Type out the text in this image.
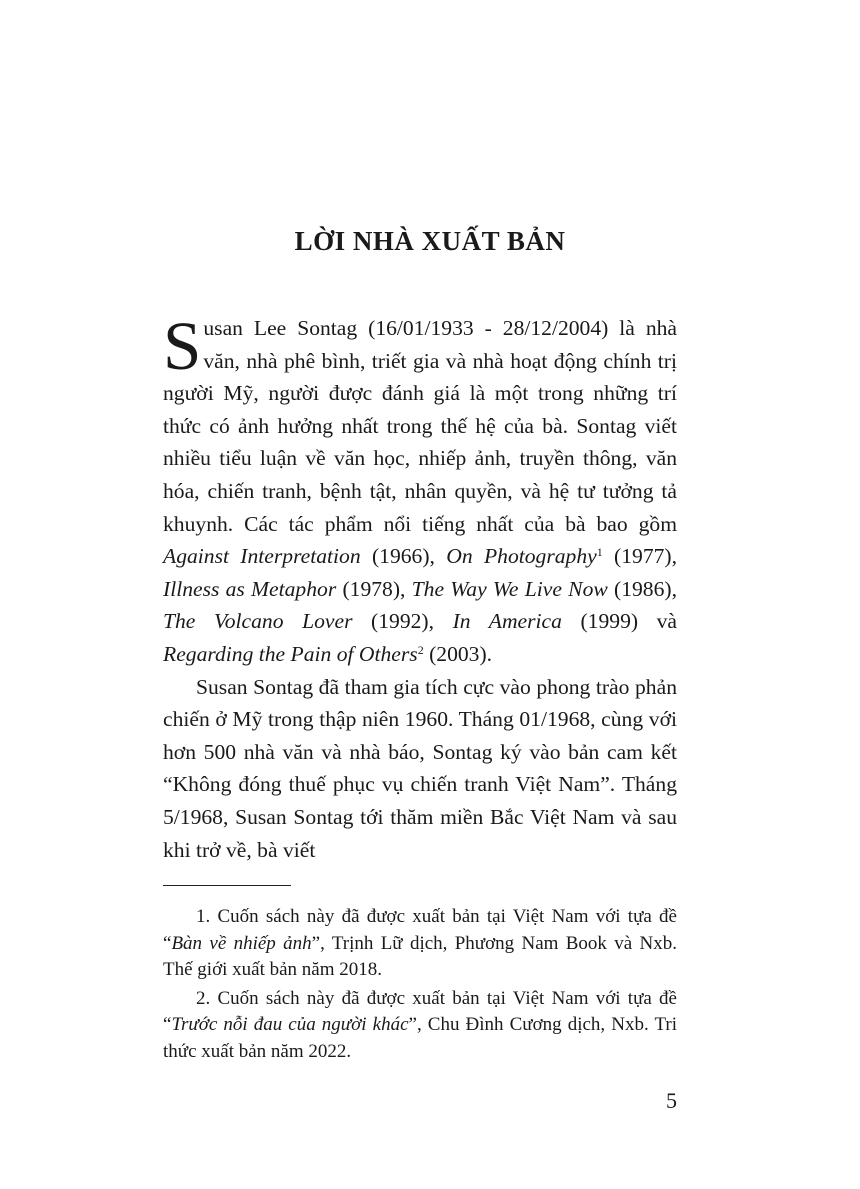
LỜI NHÀ XUẤT BẢN

Susan Lee Sontag (16/01/1933 - 28/12/2004) là nhà văn, nhà phê bình, triết gia và nhà hoạt động chính trị người Mỹ, người được đánh giá là một trong những trí thức có ảnh hưởng nhất trong thế hệ của bà. Sontag viết nhiều tiểu luận về văn học, nhiếp ảnh, truyền thông, văn hóa, chiến tranh, bệnh tật, nhân quyền, và hệ tư tưởng tả khuynh. Các tác phẩm nổi tiếng nhất của bà bao gồm Against Interpretation (1966), On Photography$^1$ (1977), Illness as Metaphor (1978), The Way We Live Now (1986), The Volcano Lover (1992), In America (1999) và Regarding the Pain of Others$^2$ (2003).

Susan Sontag đã tham gia tích cực vào phong trào phản chiến ở Mỹ trong thập niên 1960. Tháng 01/1968, cùng với hơn 500 nhà văn và nhà báo, Sontag ký vào bản cam kết “Không đóng thuế phục vụ chiến tranh Việt Nam”. Tháng 5/1968, Susan Sontag tới thăm miền Bắc Việt Nam và sau khi trở về, bà viết

1. Cuốn sách này đã được xuất bản tại Việt Nam với tựa đề “Bàn về nhiếp ảnh”, Trịnh Lữ dịch, Phương Nam Book và Nxb. Thế giới xuất bản năm 2018.

2. Cuốn sách này đã được xuất bản tại Việt Nam với tựa đề “Trước nỗi đau của người khác”, Chu Đình Cương dịch, Nxb. Tri thức xuất bản năm 2022.

5
